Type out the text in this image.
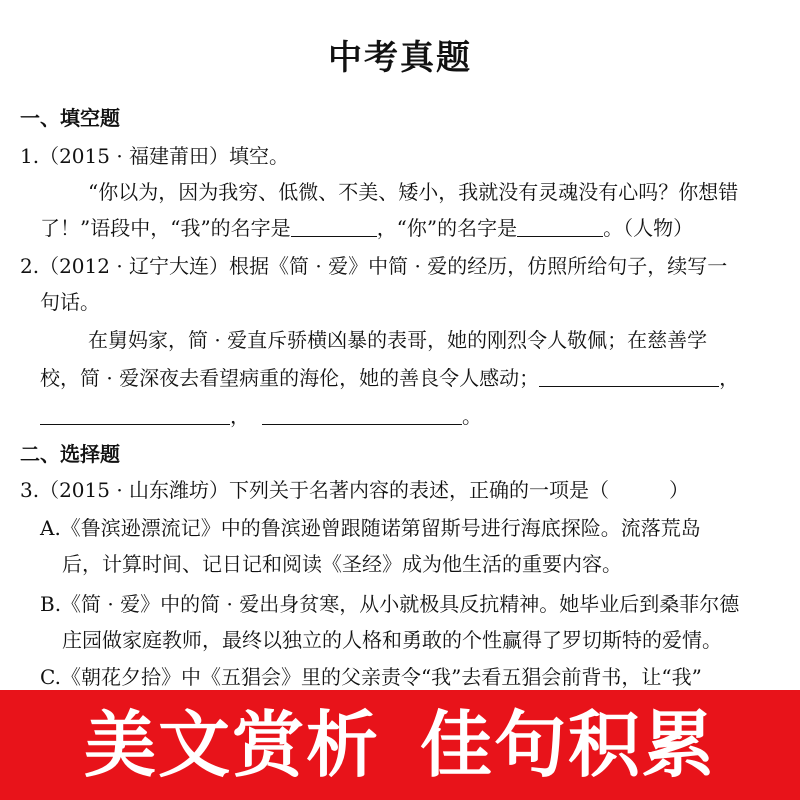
中考真题
一、填空题
1.（2015 · 福建莆田）填空。
“你以为，因为我穷、低微、不美、矮小，我就没有灵魂没有心吗？你想错
了！”语段中，“我”的名字是	，“你”的名字是	。（人物）
2.（2012 · 辽宁大连）根据《简 · 爱》中简 · 爱的经历，仿照所给句子，续写一
句话。
在舅妈家，简 · 爱直斥骄横凶暴的表哥，她的刚烈令人敬佩；在慈善学
校，简 · 爱深夜去看望病重的海伦，她的善良令人感动；	，
，	。
二、选择题
3.（2015 · 山东潍坊）下列关于名著内容的表述，正确的一项是（　　　）
A.《鲁滨逊漂流记》中的鲁滨逊曾跟随诺第留斯号进行海底探险。流落荒岛
后，计算时间、记日记和阅读《圣经》成为他生活的重要内容。
B.《简 · 爱》中的简 · 爱出身贫寒，从小就极具反抗精神。她毕业后到桑菲尔德
庄园做家庭教师，最终以独立的人格和勇敢的个性赢得了罗切斯特的爱情。
C.《朝花夕拾》中《五猖会》里的父亲责令“我”去看五猖会前背书，让“我”
美文赏析 佳句积累
